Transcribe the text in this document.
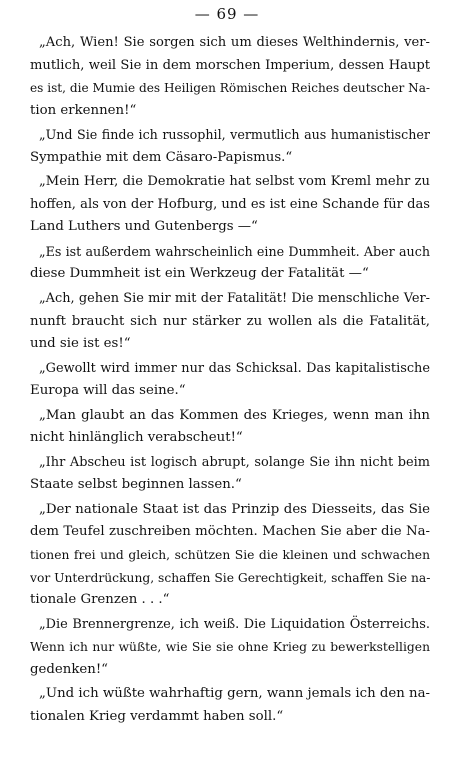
— 69 —
„Ach, Wien! Sie sorgen sich um dieses Welthindernis, ver-
mutlich, weil Sie in dem morschen Imperium, dessen Haupt
es ist, die Mumie des Heiligen Römischen Reiches deutscher Na-
tion erkennen!“
„Und Sie finde ich russophil, vermutlich aus humanistischer
Sympathie mit dem Cäsaro-Papismus.“
„Mein Herr, die Demokratie hat selbst vom Kreml mehr zu
hoffen, als von der Hofburg, und es ist eine Schande für das
Land Luthers und Gutenbergs —“
„Es ist außerdem wahrscheinlich eine Dummheit. Aber auch
diese Dummheit ist ein Werkzeug der Fatalität —“
„Ach, gehen Sie mir mit der Fatalität! Die menschliche Ver-
nunft braucht sich nur stärker zu wollen als die Fatalität,
und sie ist es!“
„Gewollt wird immer nur das Schicksal. Das kapitalistische
Europa will das seine.“
„Man glaubt an das Kommen des Krieges, wenn man ihn
nicht hinlänglich verabscheut!“
„Ihr Abscheu ist logisch abrupt, solange Sie ihn nicht beim
Staate selbst beginnen lassen.“
„Der nationale Staat ist das Prinzip des Diesseits, das Sie
dem Teufel zuschreiben möchten. Machen Sie aber die Na-
tionen frei und gleich, schützen Sie die kleinen und schwachen
vor Unterdrückung, schaffen Sie Gerechtigkeit, schaffen Sie na-
tionale Grenzen . . .“
„Die Brennergrenze, ich weiß. Die Liquidation Österreichs.
Wenn ich nur wüßte, wie Sie sie ohne Krieg zu bewerkstelligen
gedenken!“
„Und ich wüßte wahrhaftig gern, wann jemals ich den na-
tionalen Krieg verdammt haben soll.“
